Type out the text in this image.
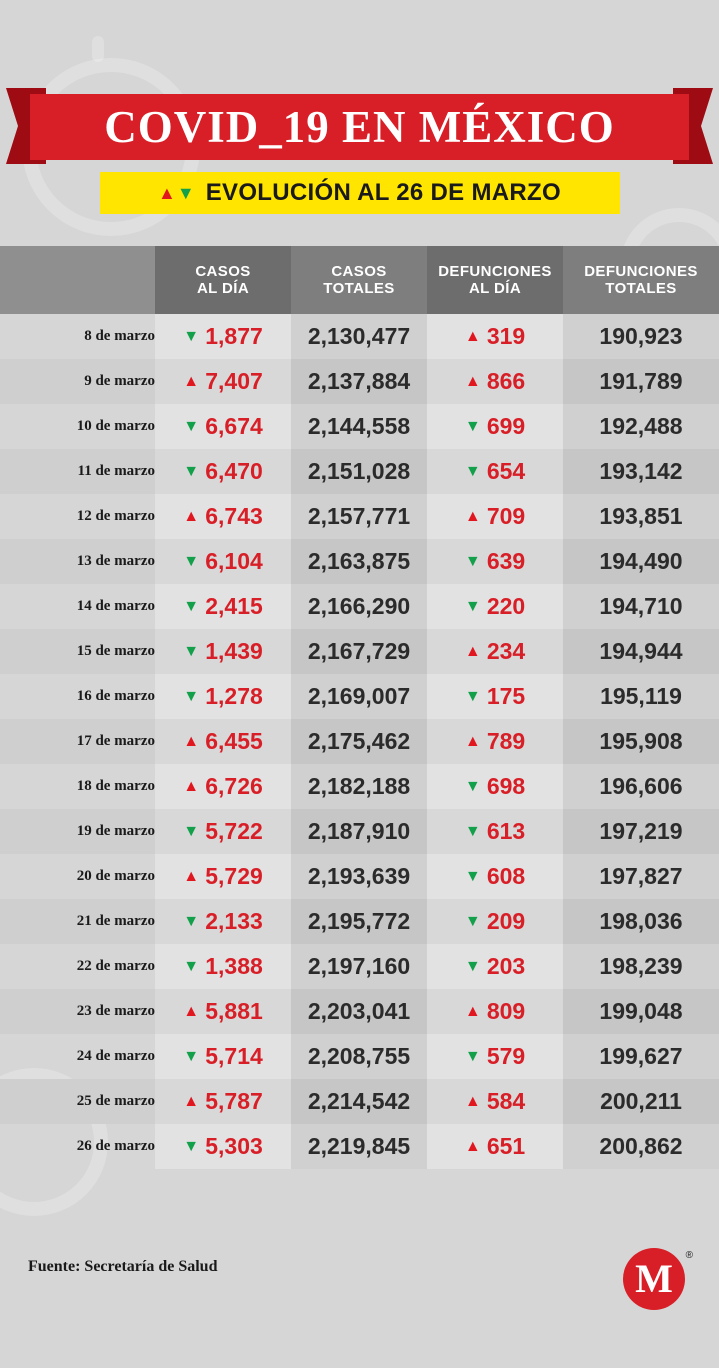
COVID_19 EN MÉXICO
▲ ▼ EVOLUCIÓN AL 26 DE MARZO

CASOS
AL DÍA

CASOS
TOTALES

DEFUNCIONES
AL DÍA

DEFUNCIONES
TOTALES

8 de marzo	▼ 1,877	2,130,477	▲ 319	190,923
9 de marzo	▲ 7,407	2,137,884	▲ 866	191,789
10 de marzo	▼ 6,674	2,144,558	▼ 699	192,488
11 de marzo	▼ 6,470	2,151,028	▼ 654	193,142
12 de marzo	▲ 6,743	2,157,771	▲ 709	193,851
13 de marzo	▼ 6,104	2,163,875	▼ 639	194,490
14 de marzo	▼ 2,415	2,166,290	▼ 220	194,710
15 de marzo	▼ 1,439	2,167,729	▲ 234	194,944
16 de marzo	▼ 1,278	2,169,007	▼ 175	195,119
17 de marzo	▲ 6,455	2,175,462	▲ 789	195,908
18 de marzo	▲ 6,726	2,182,188	▼ 698	196,606
19 de marzo	▼ 5,722	2,187,910	▼ 613	197,219
20 de marzo	▲ 5,729	2,193,639	▼ 608	197,827
21 de marzo	▼ 2,133	2,195,772	▼ 209	198,036
22 de marzo	▼ 1,388	2,197,160	▼ 203	198,239
23 de marzo	▲ 5,881	2,203,041	▲ 809	199,048
24 de marzo	▼ 5,714	2,208,755	▼ 579	199,627
25 de marzo	▲ 5,787	2,214,542	▲ 584	200,211
26 de marzo	▼ 5,303	2,219,845	▲ 651	200,862
Fuente: Secretaría de Salud	M
®
